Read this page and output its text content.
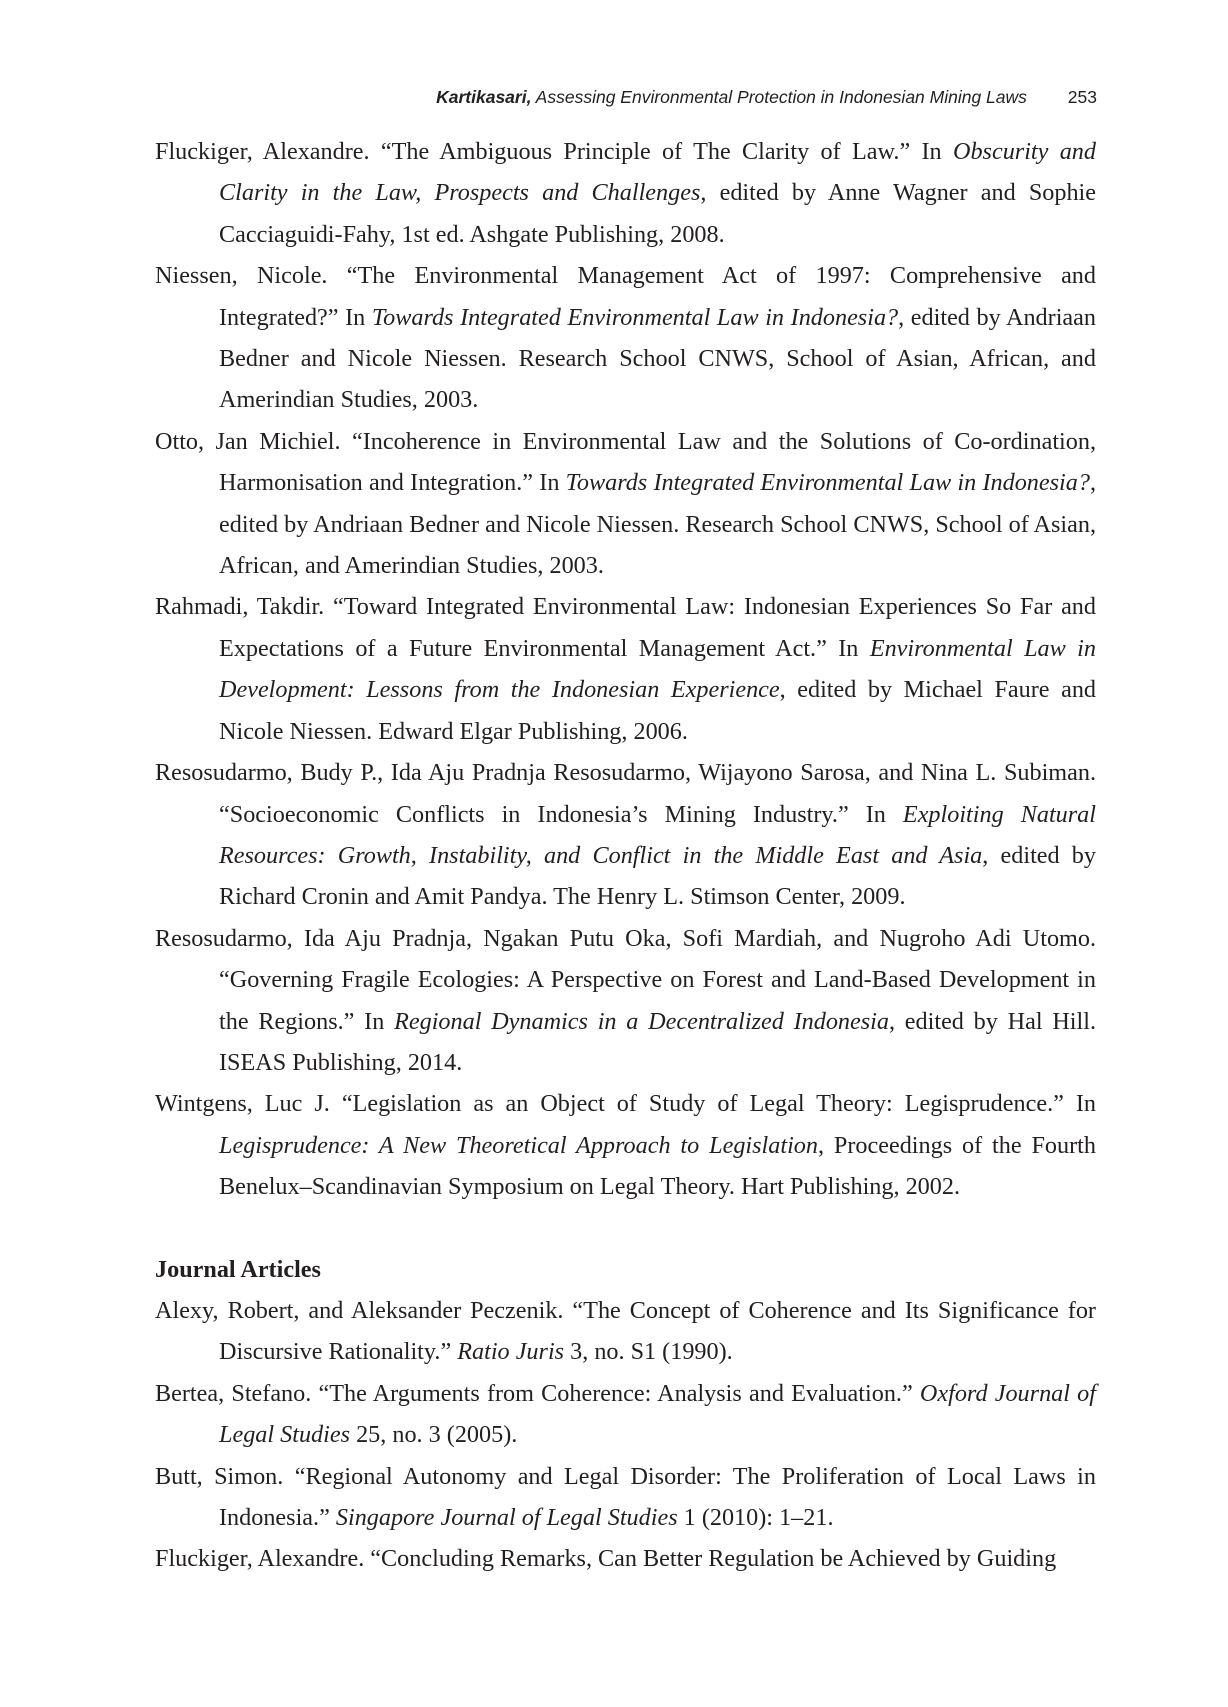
Kartikasari, Assessing Environmental Protection in Indonesian Mining Laws 253

Fluckiger, Alexandre. “The Ambiguous Principle of The Clarity of Law.” In Obscurity and Clarity in the Law, Prospects and Challenges, edited by Anne Wagner and Sophie Cacciaguidi-Fahy, 1st ed. Ashgate Publishing, 2008.

Niessen, Nicole. “The Environmental Management Act of 1997: Comprehensive and Integrated?” In Towards Integrated Environmental Law in Indonesia?, edited by Andriaan Bedner and Nicole Niessen. Research School CNWS, School of Asian, African, and Amerindian Studies, 2003.

Otto, Jan Michiel. “Incoherence in Environmental Law and the Solutions of Co-ordination, Harmonisation and Integration.” In Towards Integrated Environmental Law in Indonesia?, edited by Andriaan Bedner and Nicole Niessen. Research School CNWS, School of Asian, African, and Amerindian Studies, 2003.

Rahmadi, Takdir. “Toward Integrated Environmental Law: Indonesian Experiences So Far and Expectations of a Future Environmental Management Act.” In Environmental Law in Development: Lessons from the Indonesian Experience, edited by Michael Faure and Nicole Niessen. Edward Elgar Publishing, 2006.

Resosudarmo, Budy P., Ida Aju Pradnja Resosudarmo, Wijayono Sarosa, and Nina L. Subiman. “Socioeconomic Conflicts in Indonesia’s Mining Industry.” In Exploiting Natural Resources: Growth, Instability, and Conflict in the Middle East and Asia, edited by Richard Cronin and Amit Pandya. The Henry L. Stimson Center, 2009.

Resosudarmo, Ida Aju Pradnja, Ngakan Putu Oka, Sofi Mardiah, and Nugroho Adi Utomo. “Governing Fragile Ecologies: A Perspective on Forest and Land-Based Development in the Regions.” In Regional Dynamics in a Decentralized Indonesia, edited by Hal Hill. ISEAS Publishing, 2014.

Wintgens, Luc J. “Legislation as an Object of Study of Legal Theory: Legisprudence.” In Legisprudence: A New Theoretical Approach to Legislation, Proceedings of the Fourth Benelux–Scandinavian Symposium on Legal Theory. Hart Publishing, 2002.

Journal Articles

Alexy, Robert, and Aleksander Peczenik. “The Concept of Coherence and Its Significance for Discursive Rationality.” Ratio Juris 3, no. S1 (1990).

Bertea, Stefano. “The Arguments from Coherence: Analysis and Evaluation.” Oxford Journal of Legal Studies 25, no. 3 (2005).

Butt, Simon. “Regional Autonomy and Legal Disorder: The Proliferation of Local Laws in Indonesia.” Singapore Journal of Legal Studies 1 (2010): 1–21.

Fluckiger, Alexandre. “Concluding Remarks, Can Better Regulation be Achieved by Guiding
